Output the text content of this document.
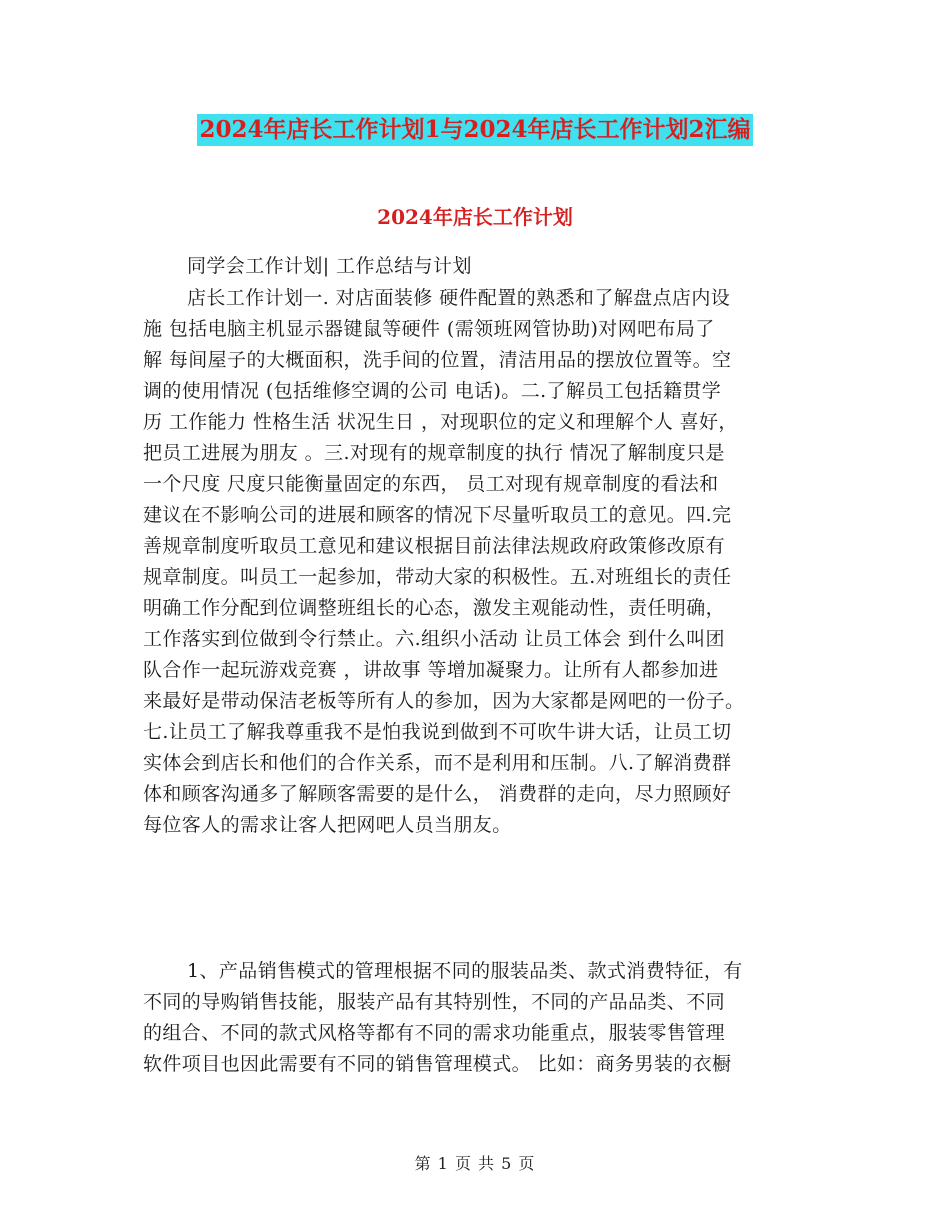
2024年店长工作计划1与2024年店长工作计划2汇编
2024年店长工作计划
同学会工作计划| 工作总结与计划
店长工作计划一. 对店面装修 硬件配置的熟悉和了解盘点店内设
施 包括电脑主机显示器键鼠等硬件 (需领班网管协助)对网吧布局了
解 每间屋子的大概面积，洗手间的位置，清洁用品的摆放位置等。空
调的使用情况 (包括维修空调的公司 电话)。二.了解员工包括籍贯学
历 工作能力 性格生活 状况生日 ，对现职位的定义和理解个人 喜好，
把员工进展为朋友 。三.对现有的规章制度的执行 情况了解制度只是
一个尺度 尺度只能衡量固定的东西， 员工对现有规章制度的看法和
建议在不影响公司的进展和顾客的情况下尽量听取员工的意见。四.完
善规章制度听取员工意见和建议根据目前法律法规政府政策修改原有
规章制度。叫员工一起参加，带动大家的积极性。五.对班组长的责任
明确工作分配到位调整班组长的心态，激发主观能动性，责任明确，
工作落实到位做到令行禁止。六.组织小活动 让员工体会 到什么叫团
队合作一起玩游戏竞赛 ，讲故事 等增加凝聚力。让所有人都参加进
来最好是带动保洁老板等所有人的参加，因为大家都是网吧的一份子。
七.让员工了解我尊重我不是怕我说到做到不可吹牛讲大话，让员工切
实体会到店长和他们的合作关系，而不是利用和压制。八.了解消费群
体和顾客沟通多了解顾客需要的是什么， 消费群的走向，尽力照顾好
每位客人的需求让客人把网吧人员当朋友。
1、产品销售模式的管理根据不同的服装品类、款式消费特征，有
不同的导购销售技能，服装产品有其特别性，不同的产品品类、不同
的组合、不同的款式风格等都有不同的需求功能重点，服装零售管理
软件项目也因此需要有不同的销售管理模式。 比如：商务男装的衣橱
第 1 页 共 5 页
